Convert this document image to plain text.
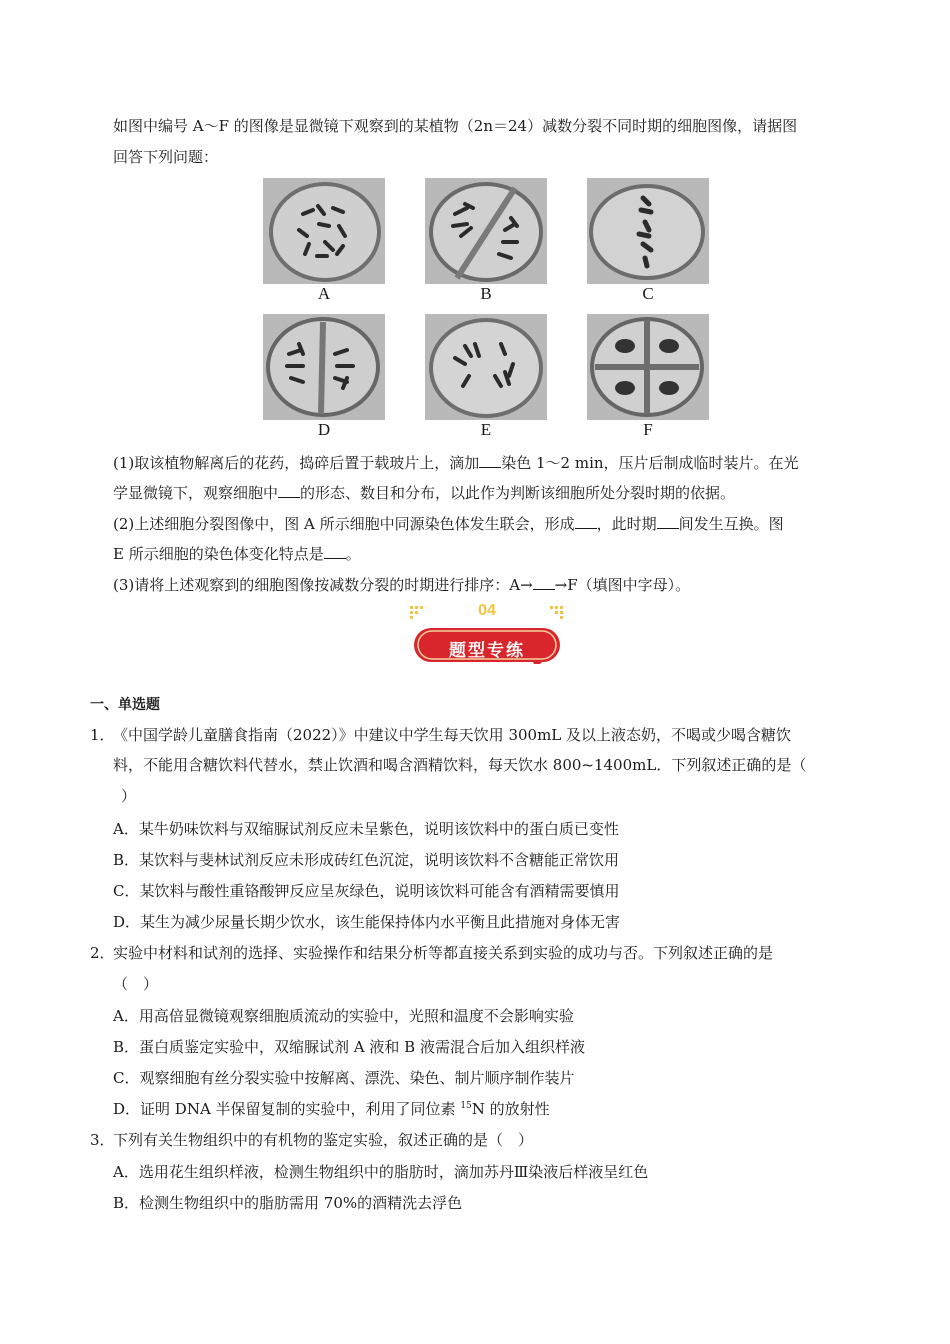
如图中编号 A～F 的图像是显微镜下观察到的某植物（2n＝24）减数分裂不同时期的细胞图像，请据图
回答下列问题：
A	B	C
D	E	F
(1)取该植物解离后的花药，捣碎后置于载玻片上，滴加 染色 1～2 min，压片后制成临时装片。在光
学显微镜下，观察细胞中 的形态、数目和分布，以此作为判断该细胞所处分裂时期的依据。
(2)上述细胞分裂图像中，图 A 所示细胞中同源染色体发生联会，形成 ，此时期 间发生互换。图
E 所示细胞的染色体变化特点是 。
(3)请将上述观察到的细胞图像按减数分裂的时期进行排序：A→ →F（填图中字母）。
04
题型专练
一、单选题
1．
《中国学龄儿童膳食指南（2022）》中建议中学生每天饮用 300mL 及以上液态奶，不喝或少喝含糖饮
料，不能用含糖饮料代替水，禁止饮酒和喝含酒精饮料，每天饮水 800~1400mL．下列叙述正确的是（
）
A．某牛奶味饮料与双缩脲试剂反应未呈紫色，说明该饮料中的蛋白质已变性
B．某饮料与斐林试剂反应未形成砖红色沉淀，说明该饮料不含糖能正常饮用
C．某饮料与酸性重铬酸钾反应呈灰绿色，说明该饮料可能含有酒精需要慎用
D．某生为减少尿量长期少饮水，该生能保持体内水平衡且此措施对身体无害
2．
实验中材料和试剂的选择、实验操作和结果分析等都直接关系到实验的成功与否。下列叙述正确的是
（　）
A．用高倍显微镜观察细胞质流动的实验中，光照和温度不会影响实验
B．蛋白质鉴定实验中，双缩脲试剂 A 液和 B 液需混合后加入组织样液
C．观察细胞有丝分裂实验中按解离、漂洗、染色、制片顺序制作装片
D．证明 DNA 半保留复制的实验中，利用了同位素 $^{15}$N 的放射性
3．
下列有关生物组织中的有机物的鉴定实验，叙述正确的是（　）
A．选用花生组织样液，检测生物组织中的脂肪时，滴加苏丹Ⅲ染液后样液呈红色
B．检测生物组织中的脂肪需用 70%的酒精洗去浮色
